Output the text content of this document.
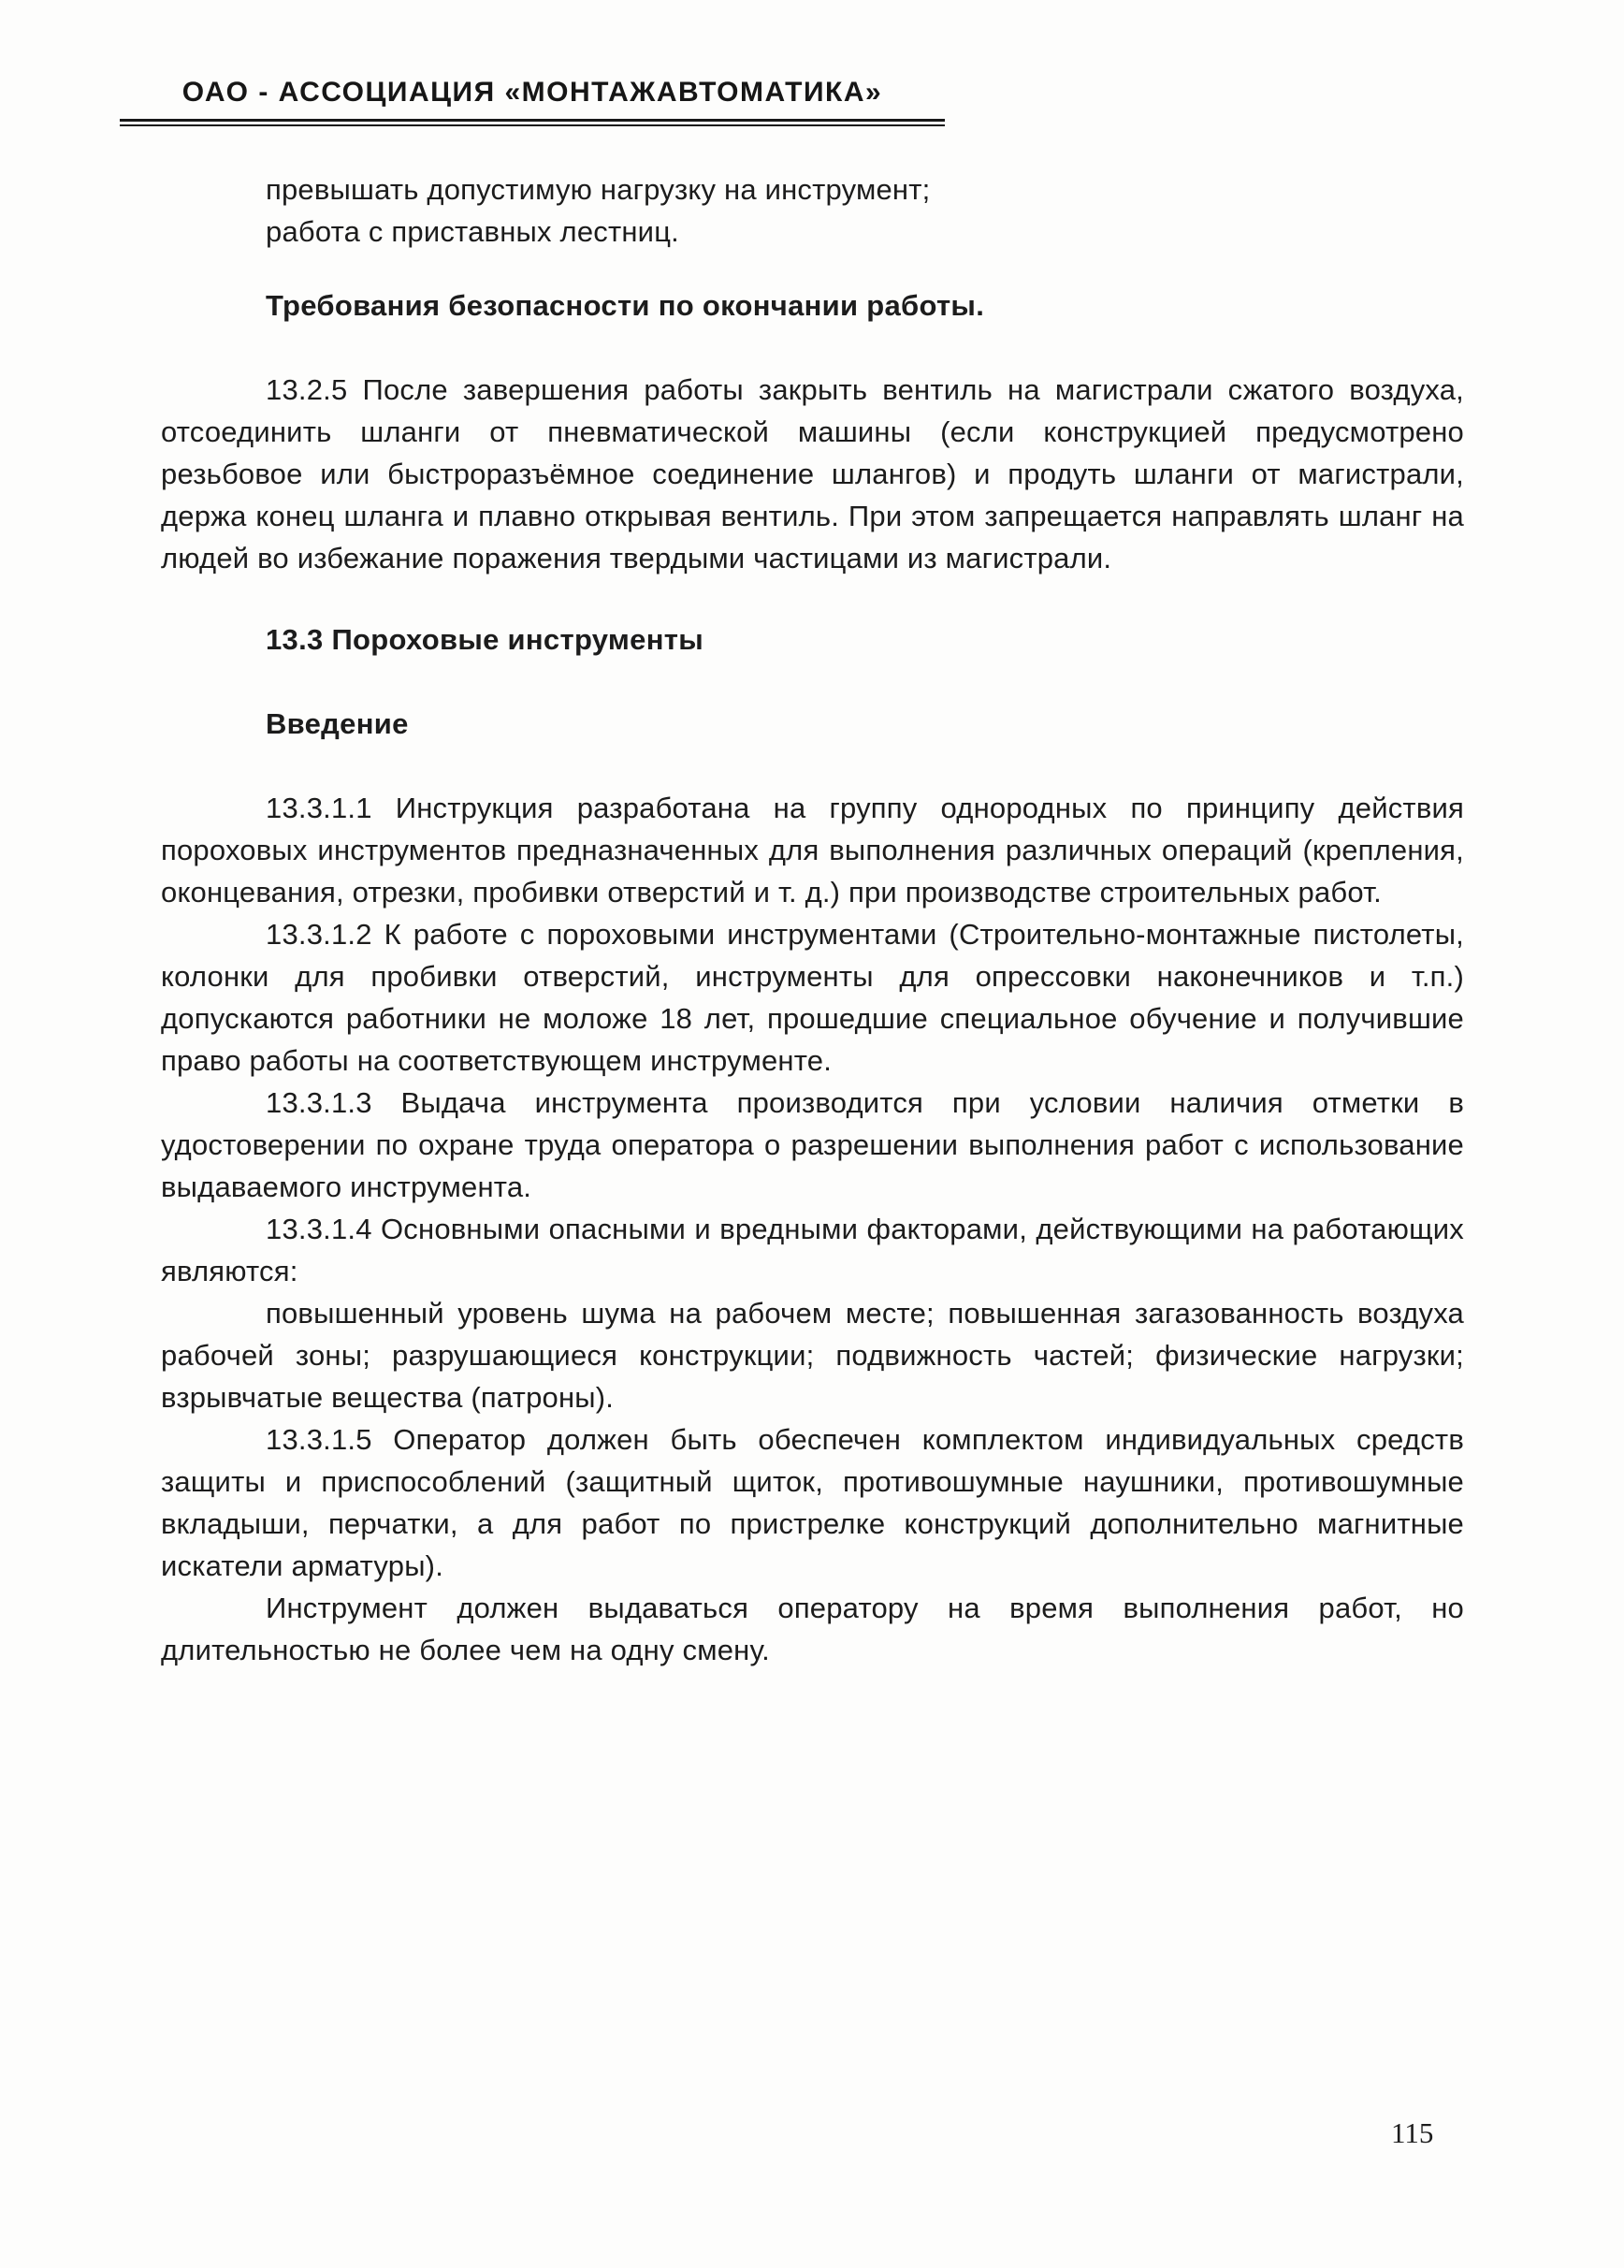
ОАО - АССОЦИАЦИЯ «МОНТАЖАВТОМАТИКА»

превышать допустимую нагрузку на инструмент;

работа с приставных лестниц.

Требования безопасности по окончании работы.

13.2.5 После завершения работы закрыть вентиль на магистрали сжатого воздуха, отсоединить шланги от пневматической машины (если конструкцией предусмотрено резьбовое или быстроразъёмное соединение шлангов) и продуть шланги от магистрали, держа конец шланга и плавно открывая вентиль. При этом запрещается направлять шланг на людей во избежание поражения твердыми частицами из магистрали.

13.3 Пороховые инструменты
Введение

13.3.1.1 Инструкция разработана на группу однородных по принципу действия пороховых инструментов предназначенных для выполнения различных операций (крепления, оконцевания, отрезки, пробивки отверстий и т. д.) при производстве строительных работ.

13.3.1.2 К работе с пороховыми инструментами (Строительно-монтажные пистолеты, колонки для пробивки отверстий, инструменты для опрессовки наконечников и т.п.) допускаются работники не моложе 18 лет, прошедшие специальное обучение и получившие право работы на соответствующем инструменте.

13.3.1.3 Выдача инструмента производится при условии наличия отметки в удостоверении по охране труда оператора о разрешении выполнения работ с использование выдаваемого инструмента.

13.3.1.4 Основными опасными и вредными факторами, действующими на работающих являются:

повышенный уровень шума на рабочем месте; повышенная загазованность воздуха рабочей зоны; разрушающиеся конструкции; подвижность частей; физические нагрузки; взрывчатые вещества (патроны).

13.3.1.5 Оператор должен быть обеспечен комплектом индивидуальных средств защиты и приспособлений (защитный щиток, противошумные наушники, противошумные вкладыши, перчатки, а для работ по пристрелке конструкций дополнительно магнитные искатели арматуры).

Инструмент должен выдаваться оператору на время выполнения работ, но длительностью не более чем на одну смену.

115
